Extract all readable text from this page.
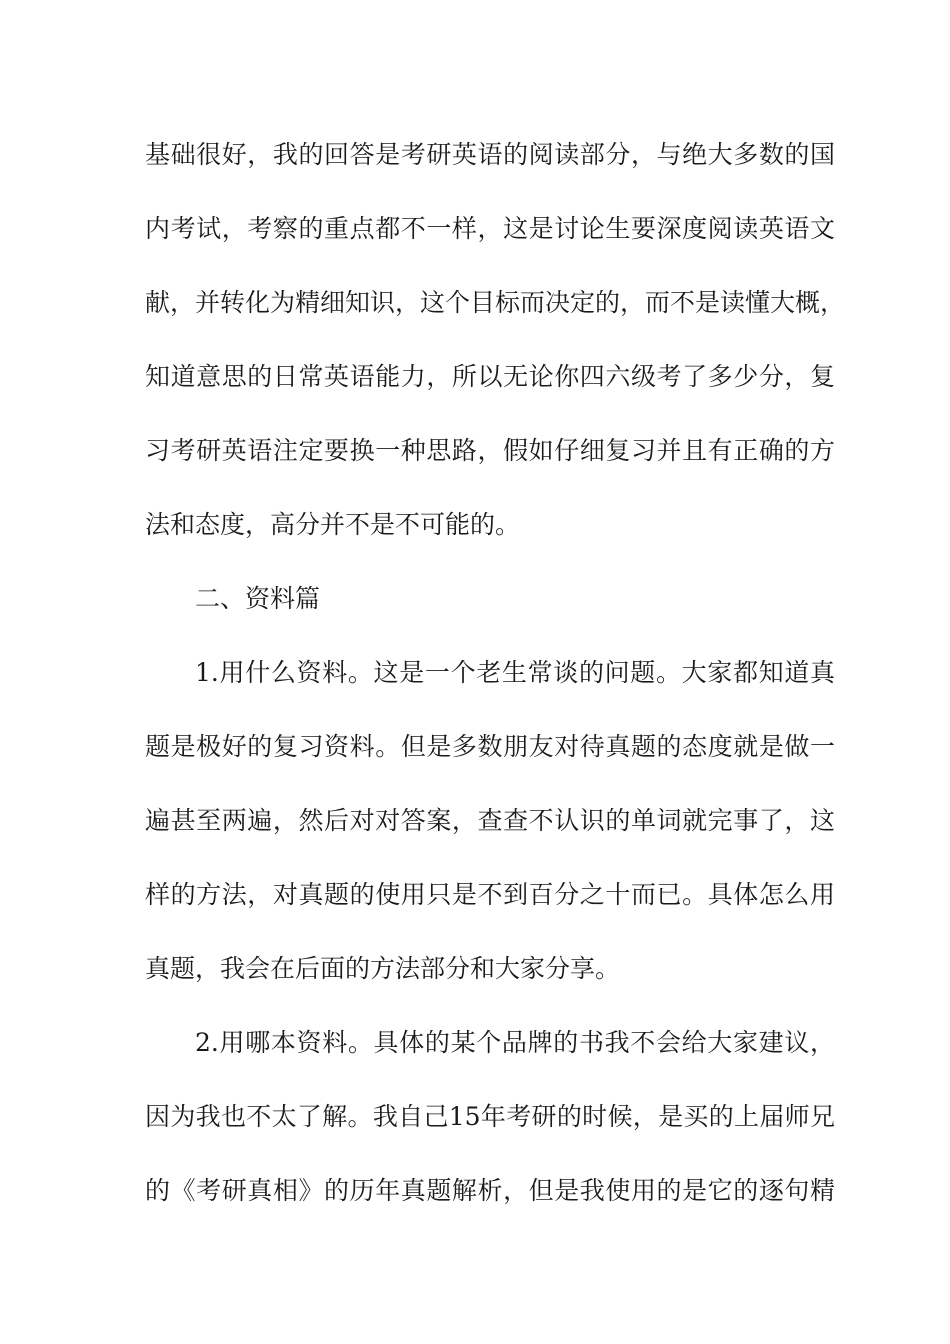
基础很好，我的回答是考研英语的阅读部分，与绝大多数的国
内考试，考察的重点都不一样，这是讨论生要深度阅读英语文
献，并转化为精细知识，这个目标而决定的，而不是读懂大概，
知道意思的日常英语能力，所以无论你四六级考了多少分，复
习考研英语注定要换一种思路，假如仔细复习并且有正确的方
法和态度，高分并不是不可能的。
二、资料篇
1.用什么资料。这是一个老生常谈的问题。大家都知道真
题是极好的复习资料。但是多数朋友对待真题的态度就是做一
遍甚至两遍，然后对对答案，查查不认识的单词就完事了，这
样的方法，对真题的使用只是不到百分之十而已。具体怎么用
真题，我会在后面的方法部分和大家分享。
2.用哪本资料。具体的某个品牌的书我不会给大家建议，
因为我也不太了解。我自己15年考研的时候，是买的上届师兄
的《考研真相》的历年真题解析，但是我使用的是它的逐句精
